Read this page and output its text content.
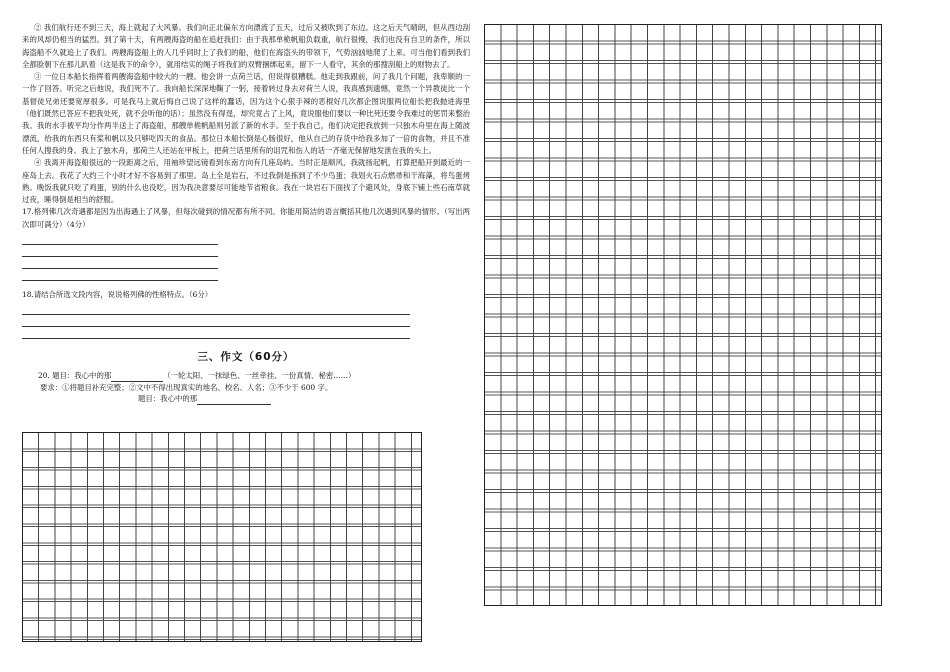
② 我们航行还不到三天，海上就起了大风暴。我们向正北偏东方向漂流了五天，过后又被吹到了东边。这之后天气晴朗，但从西边刮来的风却仍相当的猛烈。到了第十天，有两艘海盗的船在追赶我们：由于我那单桅帆船负载重，航行很慢，我们也没有自卫的条件，所以海盗船不久就追上了我们。两艘海盗船上的人几乎同时上了我们的船，他们在海盗头的带领下，气势汹汹地爬了上来。可当他们看到我们全都脸朝下在那儿趴着（这是我下的命令），就用结实的绳子将我们的双臂捆绑起来，留下一人看守，其余的那搜刮船上的财物去了。

③ 一位日本船长指挥着两艘海盗船中较大的一艘。他会讲一点荷兰话，但说得很糟糕。他走到我跟前，问了我几个问题，我卑顺的一一作了回答。听完之后他说，我们死不了。我向船长深深地鞠了一躬，接着转过身去对荷兰人说，我真感到遗憾，竟然一个异教徒比一个基督徒兄弟还要宽厚很多。可是我马上就后悔自己说了这样的蠢话，因为这个心狠手辣的恶棍好几次都企图说服两位船长把我抛进海里（他们既然已答应不把我处死，就不会听他的话）；虽然没有得逞，却究竟占了上风，竟说服他们要以一种比死还要令我难过的惩罚来整治我。我的水手被平均分作两半送上了海盗船，那艘单桅帆船则另派了新的水手。至于我自己，他们决定把我放到一只独木舟里在海上随波漂流，给我的东西只有桨和帆以及只够吃四天的食品。那位日本船长倒是心肠很好，他从自己的存货中给我多加了一倍的食物，并且不准任何人搜我的身。我上了独木舟，那荷兰人还站在甲板上，把荷兰话里所有的诅咒和伤人的话一齐毫无保留地发泄在我的头上。

④ 我离开海盗船很远的一段距离之后，用袖珍望远镜看到东南方向有几座岛屿。当时正是顺风，我就扬起帆，打算把船开到最近的一座岛上去。我花了大约三个小时才好不容易到了那里。岛上全是岩石，不过我倒是拣到了不少鸟蛋；我划火石点燃帚和干海藻，将鸟蛋烤熟。晚饭我就只吃了鸡蛋，别的什么也没吃，因为我决意要尽可能地节省粮食。我在一块岩石下面找了个避风处，身底下铺上些石南草就过夜，睡得倒是相当的舒服。

17.格列佛几次奇遇都是因为出海遇上了风暴，但每次碰到的情况都有所不同。你能用简洁的语言概括其他几次遇到风暴的情形。（写出两次即可满分）（4分）

18.请结合所选文段内容，说说格列佛的性格特点。（6分）

三、作文（60分）

20. 题目：我心中的那	（一轮太阳、一抹绿色、一丝牵挂、一份真情、秘密……）

要求：①将题目补充完整；②文中不得出现真实的地名、校名、人名；③不少于 600 字。

题目：我心中的那
